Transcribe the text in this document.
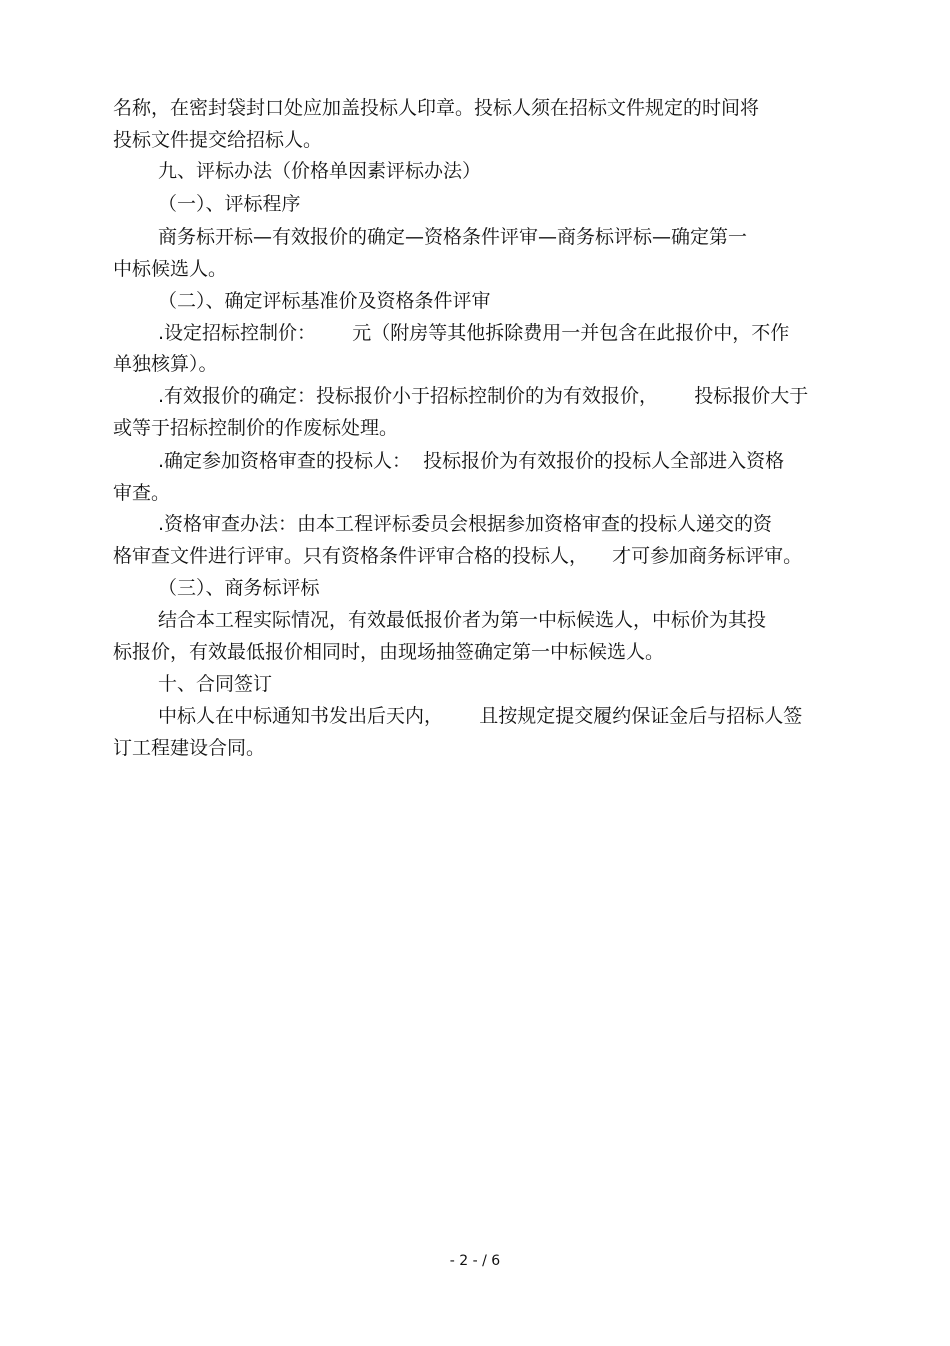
名称，在密封袋封口处应加盖投标人印章。投标人须在招标文件规定的时间将
投标文件提交给招标人。
九、评标办法（价格单因素评标办法）
（一）、评标程序
商务标开标—有效报价的确定—资格条件评审—商务标评标—确定第一
中标候选人。
（二）、确定评标基准价及资格条件评审
.设定招标控制价：      元（附房等其他拆除费用一并包含在此报价中，不作
单独核算）。
.有效报价的确定：投标报价小于招标控制价的为有效报价，      投标报价大于
或等于招标控制价的作废标处理。
.确定参加资格审查的投标人：  投标报价为有效报价的投标人全部进入资格
审查。
.资格审查办法：由本工程评标委员会根据参加资格审查的投标人递交的资
格审查文件进行评审。只有资格条件评审合格的投标人，    才可参加商务标评审。
（三）、商务标评标
结合本工程实际情况，有效最低报价者为第一中标候选人，中标价为其投
标报价，有效最低报价相同时，由现场抽签确定第一中标候选人。
十、合同签订
中标人在中标通知书发出后天内，      且按规定提交履约保证金后与招标人签
订工程建设合同。
- 2 - / 6
